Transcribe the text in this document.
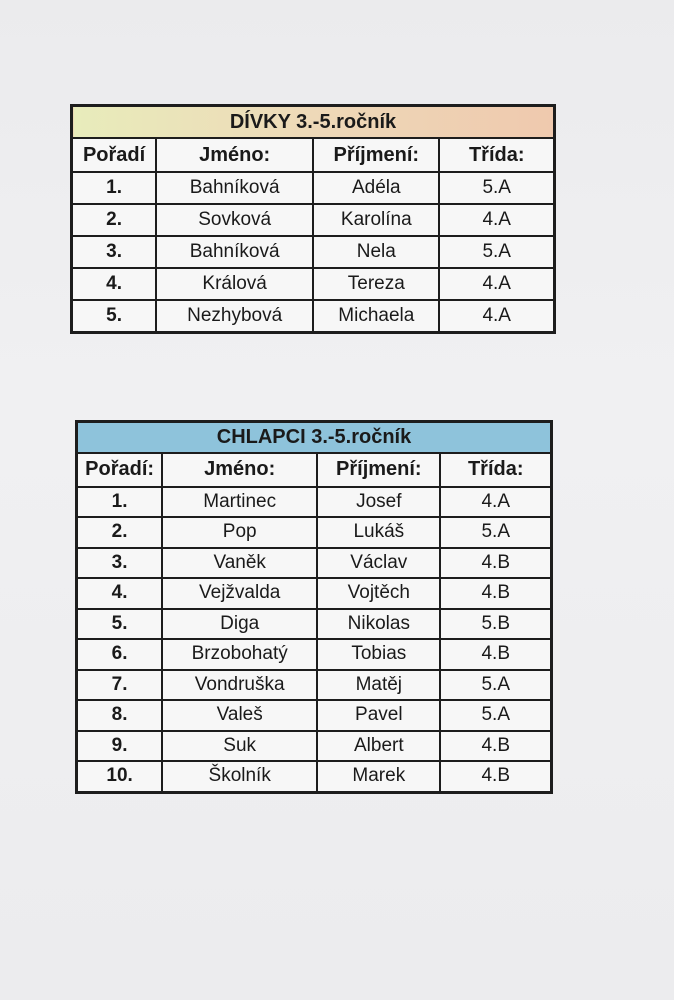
DÍVKY 3.-5.ročník			
Pořadí	Jméno:	Příjmení:	Třída:
1.	Bahníková	Adéla	5.A
2.	Sovková	Karolína	4.A
3.	Bahníková	Nela	5.A
4.	Králová	Tereza	4.A
5.	Nezhybová	Michaela	4.A
CHLAPCI 3.-5.ročník			
Pořadí:	Jméno:	Příjmení:	Třída:
1.	Martinec	Josef	4.A
2.	Pop	Lukáš	5.A
3.	Vaněk	Václav	4.B
4.	Vejžvalda	Vojtěch	4.B
5.	Diga	Nikolas	5.B
6.	Brzobohatý	Tobias	4.B
7.	Vondruška	Matěj	5.A
8.	Valeš	Pavel	5.A
9.	Suk	Albert	4.B
10.	Školník	Marek	4.B
